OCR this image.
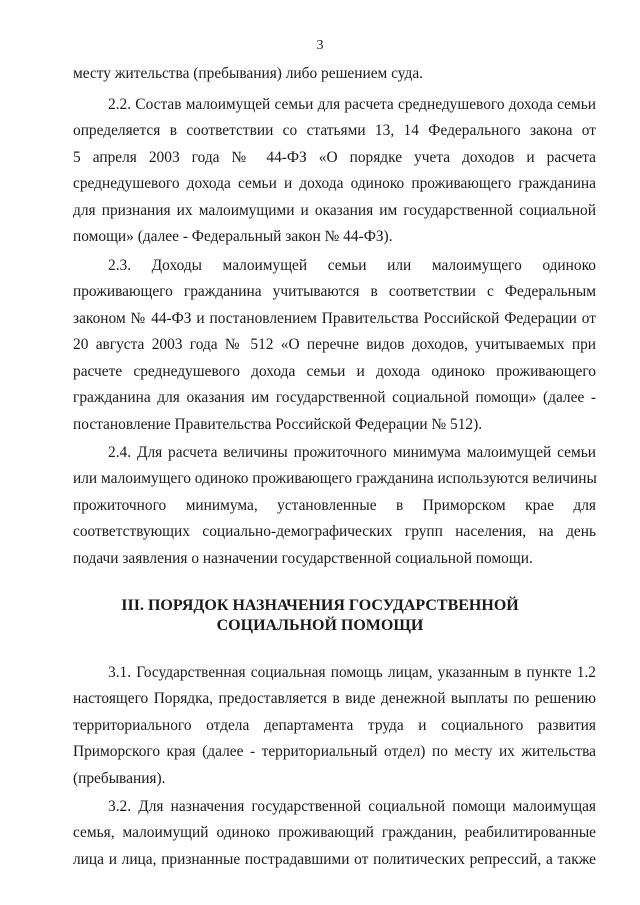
3
месту жительства (пребывания) либо решением суда.
2.2. Состав малоимущей семьи для расчета среднедушевого дохода семьи
определяется в соответствии со статьями 13, 14 Федерального закона от
5 апреля 2003 года № 44-ФЗ «О порядке учета доходов и расчета
среднедушевого дохода семьи и дохода одиноко проживающего гражданина
для признания их малоимущими и оказания им государственной социальной
помощи» (далее - Федеральный закон № 44-ФЗ).
2.3. Доходы малоимущей семьи или малоимущего одиноко
проживающего гражданина учитываются в соответствии с Федеральным
законом № 44-ФЗ и постановлением Правительства Российской Федерации от
20 августа 2003 года № 512 «О перечне видов доходов, учитываемых при
расчете среднедушевого дохода семьи и дохода одиноко проживающего
гражданина для оказания им государственной социальной помощи» (далее -
постановление Правительства Российской Федерации № 512).
2.4. Для расчета величины прожиточного минимума малоимущей семьи
или малоимущего одиноко проживающего гражданина используются величины
прожиточного минимума, установленные в Приморском крае для
соответствующих социально-демографических групп населения, на день
подачи заявления о назначении государственной социальной помощи.
III. ПОРЯДОК НАЗНАЧЕНИЯ ГОСУДАРСТВЕННОЙ
СОЦИАЛЬНОЙ ПОМОЩИ
3.1. Государственная социальная помощь лицам, указанным в пункте 1.2
настоящего Порядка, предоставляется в виде денежной выплаты по решению
территориального отдела департамента труда и социального развития
Приморского края (далее - территориальный отдел) по месту их жительства
(пребывания).
3.2. Для назначения государственной социальной помощи малоимущая
семья, малоимущий одиноко проживающий гражданин, реабилитированные
лица и лица, признанные пострадавшими от политических репрессий, а также
